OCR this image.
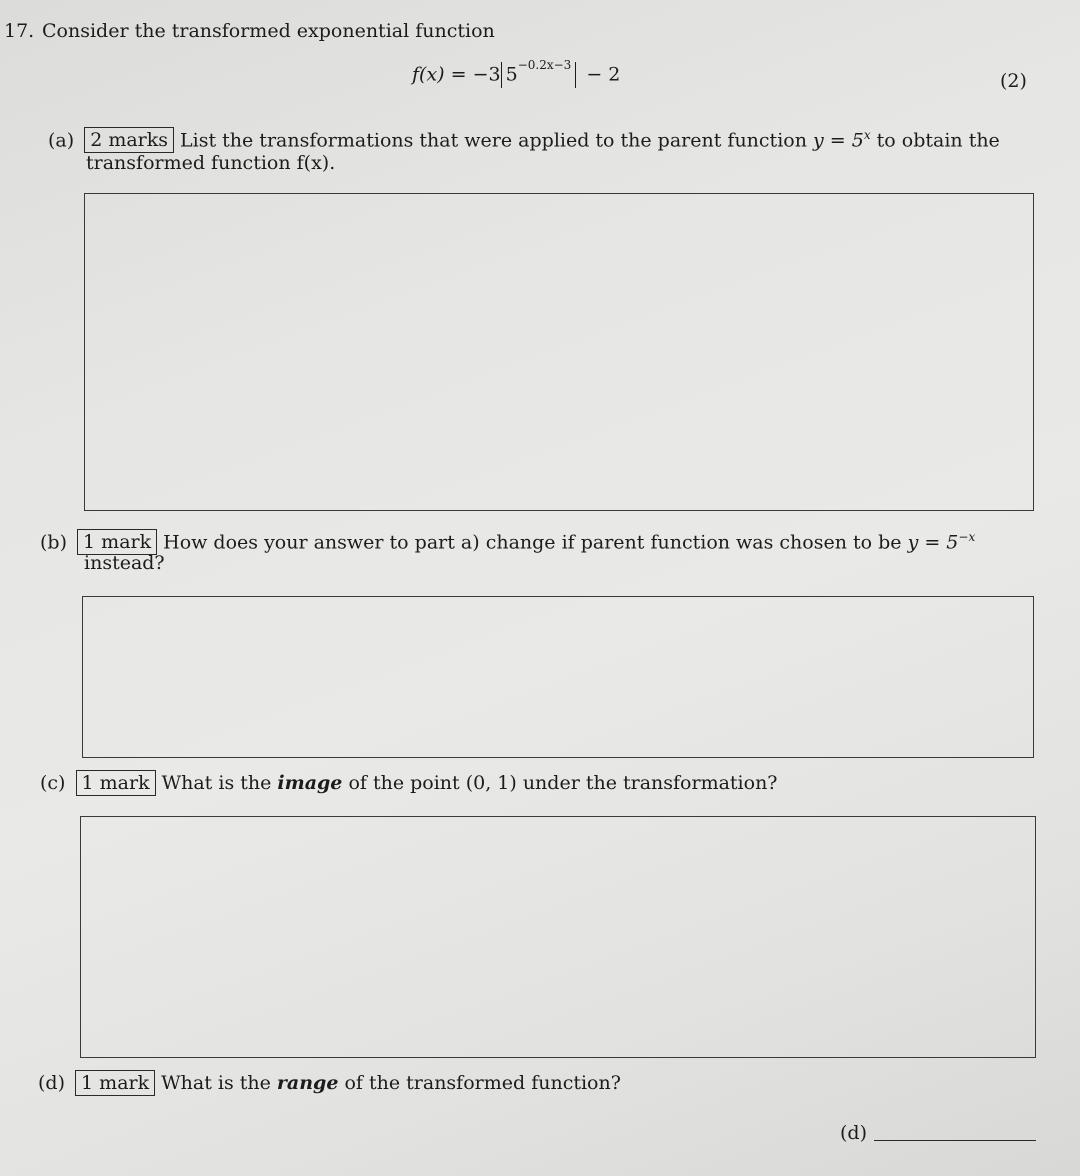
17. Consider the transformed exponential function
f(x) = −3 $5^{-0.2x-3} - 2$	(2)
(a) 2 marks List the transformations that were applied to the parent function $y = 5^x$ to obtain the
transformed function f(x).
(b) 1 mark How does your answer to part a) change if parent function was chosen to be $y = 5^{-x}$
instead?
(c) 1 mark What is the image of the point (0, 1) under the transformation?
(d) 1 mark What is the range of the transformed function?
(d)
